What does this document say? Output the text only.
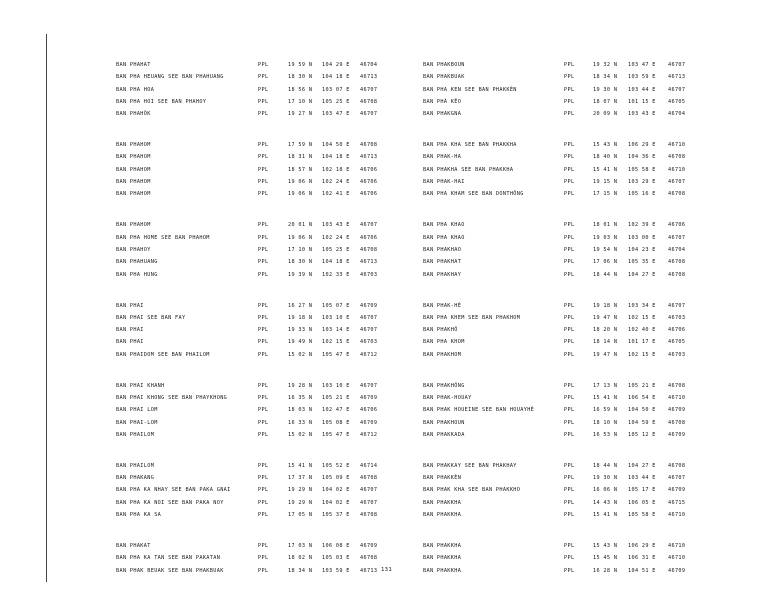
BAN PHAHAT	PPL	19 59 N 104 29 E 46704
BAN PHA HEUANG SEE BAN PHAHUANG	PPL	18 30 N 104 18 E 46713
BAN PHA HOA	PPL	18 56 N 103 07 E 46707
BAN PHA HOI SEE BAN PHAHOY	PPL	17 10 N 105 25 E 46708
BAN PHAHÔK	PPL	19 27 N 103 47 E 46707
BAN PHAHOM	PPL	17 59 N 104 50 E 46708
BAN PHAHOM	PPL	18 31 N 104 18 E 46713
BAN PHAHOM	PPL	18 57 N 102 18 E 46706
BAN PHAHOM	PPL	19 06 N 102 24 E 46706
BAN PHAHOM	PPL	19 06 N 102 41 E 46706
BAN PHAHOM	PPL	20 01 N 103 43 E 46707
BAN PHA HOME SEE BAN PHAHOM	PPL	19 06 N 102 24 E 46706
BAN PHAHOY	PPL	17 10 N 105 25 E 46708
BAN PHAHUANG	PPL	18 30 N 104 18 E 46713
BAN PHA HUNG	PPL	19 39 N 102 33 E 46703
BAN PHAI	PPL	16 27 N 105 07 E 46709
BAN PHAI SEE BAN FAY	PPL	19 18 N 103 10 E 46707
BAN PHAI	PPL	19 33 N 103 14 E 46707
BAN PHAI	PPL	19 49 N 102 15 E 46703
BAN PHAIDOM SEE BAN PHAILOM	PPL	15 02 N 105 47 E 46712
BAN PHAI KHANH	PPL	19 28 N 103 10 E 46707
BAN PHAI KHONG SEE BAN PHAYKHONG	PPL	16 35 N 105 21 E 46709
BAN PHAI LOM	PPL	18 03 N 102 47 E 46706
BAN PHAI-LOM	PPL	16 33 N 105 08 E 46709
BAN PHAILOM	PPL	15 02 N 105 47 E 46712
BAN PHAILOM	PPL	15 41 N 105 52 E 46714
BAN PHAKANG	PPL	17 37 N 105 09 E 46708
BAN PHA KA NHAY SEE BAN PAKA GNAI	PPL	19 29 N 104 02 E 46707
BAN PHA KA NOI SEE BAN PAKA NOY	PPL	19 29 N 104 02 E 46707
BAN PHA KA SA	PPL	17 05 N 105 37 E 46708
BAN PHAKAT	PPL	17 03 N 106 08 E 46709
BAN PHA KA TAN SEE BAN PAKATAN	PPL	18 02 N 105 03 E 46708
BAN PHAK BEUAK SEE BAN PHAKBUAK	PPL	18 34 N 103 59 E 46713
BAN PHAKBOUN	PPL	19 32 N 103 47 E 46707
BAN PHAKBUAK	PPL	18 34 N 103 59 E 46713
BAN PHA KEN SEE BAN PHAKKÈN	PPL	19 30 N 103 44 E 46707
BAN PHÀ KÊO	PPL	18 07 N 101 15 E 46705
BAN PHAKGNA	PPL	20 09 N 103 43 E 46704
BAN PHA KHA SEE BAN PHAKKHA	PPL	15 43 N 106 29 E 46710
BAN PHAK-HA	PPL	18 40 N 104 36 E 46708
BAN PHAKHA SEE BAN PHAKKHA	PPL	15 41 N 105 58 E 46710
BAN PHAK-HAI	PPL	19 15 N 103 29 E 46707
BAN PHA KHAM SEE BAN DONTHÔNG	PPL	17 15 N 105 16 E 46708
BAN PHA KHAO	PPL	18 01 N 102 39 E 46706
BAN PHA KHAO	PPL	19 03 N 103 00 E 46707
BAN PHAKHAO	PPL	19 54 N 104 23 E 46704
BAN PHAKHAT	PPL	17 06 N 105 35 E 46708
BAN PHAKHAY	PPL	18 44 N 104 27 E 46708
BAN PHAK-HÈ	PPL	19 18 N 103 34 E 46707
BAN PHA KHEM SEE BAN PHAKHOM	PPL	19 47 N 102 15 E 46703
BAN PHAKHÔ	PPL	18 20 N 102 40 E 46706
BAN PHA KHOM	PPL	18 14 N 101 17 E 46705
BAN PHAKHOM	PPL	19 47 N 102 15 E 46703
BAN PHAKHÔNG	PPL	17 13 N 105 21 E 46708
BAN PHAK-HOUAY	PPL	15 41 N 106 54 E 46710
BAN PHAK HOUEINE SEE BAN HOUAYHÈ	PPL	16 59 N 104 50 E 46709
BAN PHAKHOUN	PPL	18 10 N 104 59 E 46708
BAN PHAKKADA	PPL	16 53 N 105 12 E 46709
BAN PHAKKAY SEE BAN PHAKHAY	PPL	18 44 N 104 27 E 46708
BAN PHAKKÈN	PPL	19 30 N 103 44 E 46707
BAN PHAK KHA SEE BAN PHAKKHO	PPL	16 06 N 105 17 E 46709
BAN PHAKKHA	PPL	14 43 N 106 05 E 46715
BAN PHAKKHA	PPL	15 41 N 105 58 E 46710
BAN PHAKKHA	PPL	15 43 N 106 29 E 46710
BAN PHAKKHA	PPL	15 45 N 106 31 E 46710
BAN PHAKKHA	PPL	16 28 N 104 51 E 46709
131
